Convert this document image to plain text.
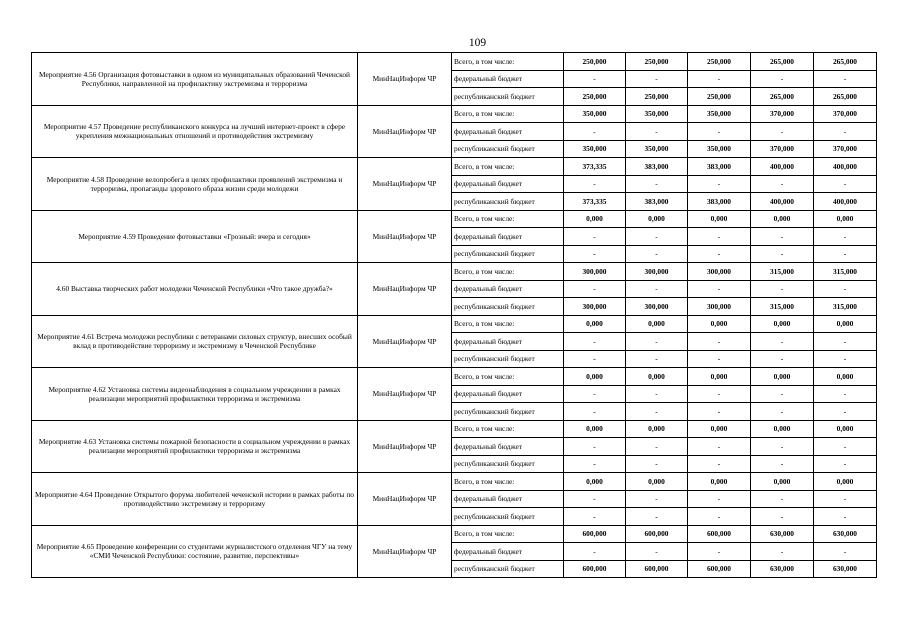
109
Мероприятие 4.56 Организация фотовыставки в одном из муниципальных образований Чеченской Республики, направленной на профилактику экстремизма и терроризма	МинНацИнформ ЧР	Всего, в том числе:	250,000	250,000	250,000	265,000	265,000
		федеральный бюджет	-	-	-	-	-
		республиканский бюджет	250,000	250,000	250,000	265,000	265,000
Мероприятие 4.57 Проведение республиканского конкурса на лучший интернет-проект в сфере укрепления межнациональных отношений и противодействия экстремизму	МинНацИнформ ЧР	Всего, в том числе:	350,000	350,000	350,000	370,000	370,000
		федеральный бюджет	-	-	-	-	-
		республиканский бюджет	350,000	350,000	350,000	370,000	370,000
Мероприятие 4.58 Проведение велопробега в целях профилактики проявлений экстремизма и терроризма, пропаганды здорового образа жизни среди молодежи	МинНацИнформ ЧР	Всего, в том числе:	373,335	383,000	383,000	400,000	400,000
		федеральный бюджет	-	-	-	-	-
		республиканский бюджет	373,335	383,000	383,000	400,000	400,000
Мероприятие 4.59 Проведение фотовыставки «Грозный: вчера и сегодня»	МинНацИнформ ЧР	Всего, в том числе:	0,000	0,000	0,000	0,000	0,000
		федеральный бюджет	-	-	-	-	-
		республиканский бюджет	-	-	-	-	-
4.60 Выставка творческих работ молодежи Чеченской Республики «Что такое дружба?»	МинНацИнформ ЧР	Всего, в том числе:	300,000	300,000	300,000	315,000	315,000
		федеральный бюджет	-	-	-	-	-
		республиканский бюджет	300,000	300,000	300,000	315,000	315,000
Мероприятие 4.61 Встреча молодежи республики с ветеранами силовых структур, внесших особый вклад в противодействие терроризму и экстремизму в Чеченской Республике	МинНацИнформ ЧР	Всего, в том числе:	0,000	0,000	0,000	0,000	0,000
		федеральный бюджет	-	-	-	-	-
		республиканский бюджет	-	-	-	-	-
Мероприятие 4.62 Установка системы видеонаблюдения в социальном учреждении в рамках реализации мероприятий профилактики терроризма и экстремизма	МинНацИнформ ЧР	Всего, в том числе:	0,000	0,000	0,000	0,000	0,000
		федеральный бюджет	-	-	-	-	-
		республиканский бюджет	-	-	-	-	-
Мероприятие 4.63 Установка системы пожарной безопасности в социальном учреждении в рамках реализации мероприятий профилактики терроризма и экстремизма	МинНацИнформ ЧР	Всего, в том числе:	0,000	0,000	0,000	0,000	0,000
		федеральный бюджет	-	-	-	-	-
		республиканский бюджет	-	-	-	-	-
Мероприятие 4.64 Проведение Открытого форума любителей чеченской истории в рамках работы по противодействию экстремизму и терроризму	МинНацИнформ ЧР	Всего, в том числе:	0,000	0,000	0,000	0,000	0,000
		федеральный бюджет	-	-	-	-	-
		республиканский бюджет	-	-	-	-	-
Мероприятие 4.65 Проведение конференции со студентами журналистского отделения ЧГУ на тему «СМИ Чеченской Республики: состояние, развитие, перспективы»	МинНацИнформ ЧР	Всего, в том числе:	600,000	600,000	600,000	630,000	630,000
		федеральный бюджет	-	-	-	-	-
		республиканский бюджет	600,000	600,000	600,000	630,000	630,000
